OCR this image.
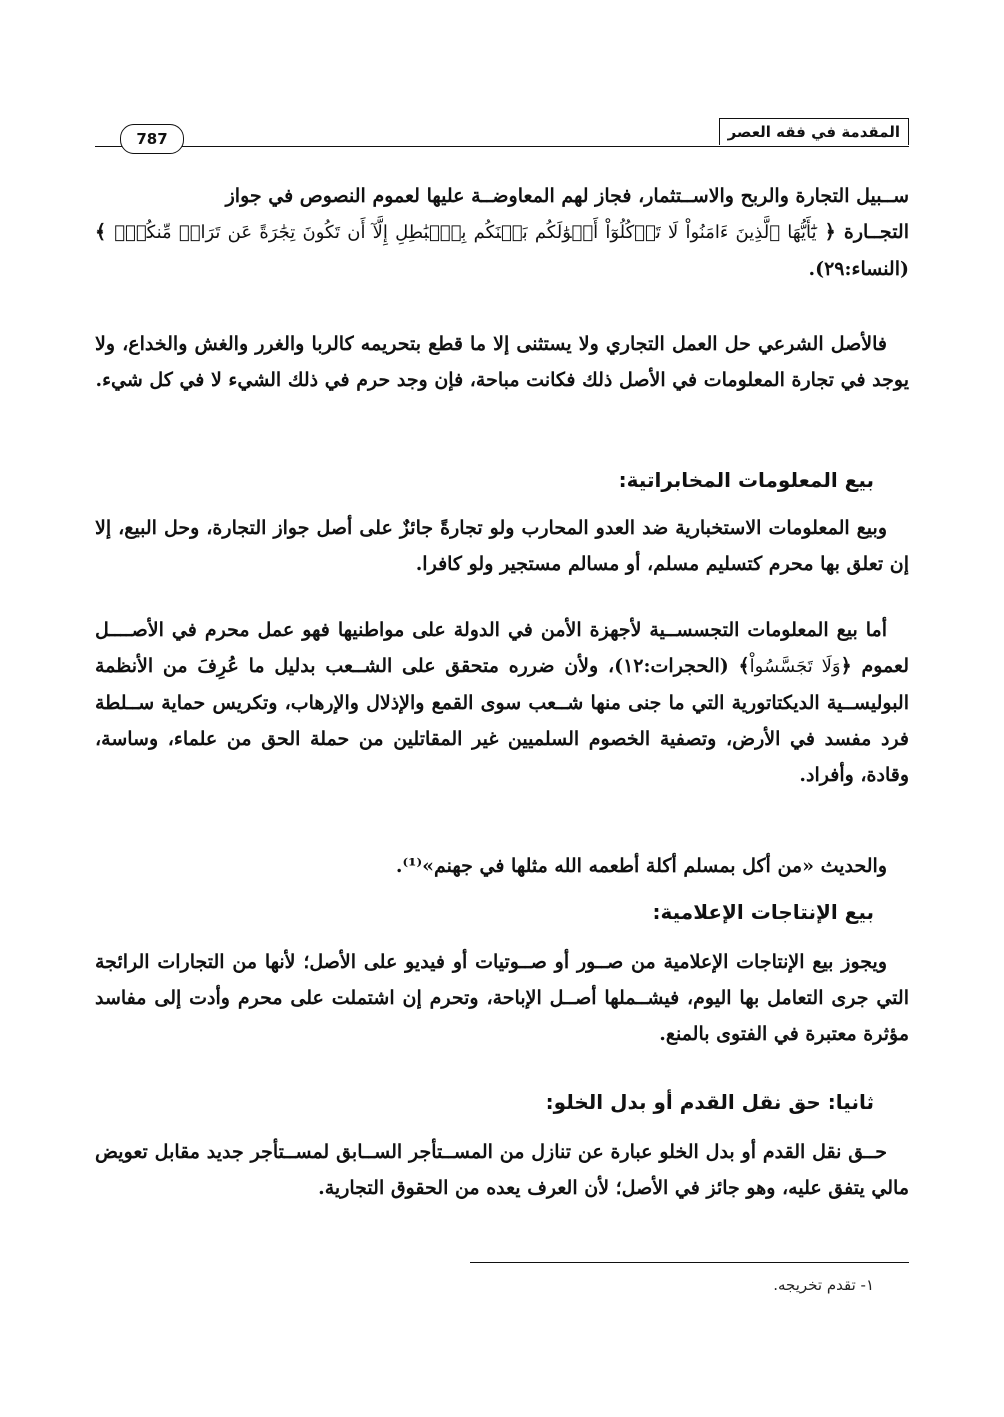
المقدمة في فقه العصر
787

ســبيل التجارة والربح والاســتثمار، فجاز لهم المعاوضــة عليها لعموم النصوص في جواز

التجــارة ﴿ يَٰٓأَيُّهَا ٱلَّذِينَ ءَامَنُواْ لَا تَأۡكُلُوٓاْ أَمۡوَٰلَكُم بَيۡنَكُم بِٱلۡبَٰطِلِ إِلَّآ أَن تَكُونَ تِجَٰرَةً عَن تَرَاضٖ مِّنكُمۡۚ ﴾ (النساء:٢٩).

فالأصل الشرعي حل العمل التجاري ولا يستثنى إلا ما قطع بتحريمه كالربا والغرر والغش والخداع، ولا يوجد في تجارة المعلومات في الأصل ذلك فكانت مباحة، فإن وجد حرم في ذلك الشيء لا في كل شيء.

بيع المعلومات المخابراتية:

وبيع المعلومات الاستخبارية ضد العدو المحارب ولو تجارةً جائزٌ على أصل جواز التجارة، وحل البيع، إلا إن تعلق بها محرم كتسليم مسلم، أو مسالم مستجير ولو كافرا.

أما بيع المعلومات التجسســية لأجهزة الأمن في الدولة على مواطنيها فهو عمل محرم في الأصــــل لعموم ﴿وَلَا تَجَسَّسُواْ﴾ (الحجرات:١٢)، ولأن ضرره متحقق على الشــعب بدليل ما عُرِفَ من الأنظمة البوليســية الديكتاتورية التي ما جنى منها شــعب سوى القمع والإذلال والإرهاب، وتكريس حماية ســلطة فرد مفسد في الأرض، وتصفية الخصوم السلميين غير المقاتلين من حملة الحق من علماء، وساسة، وقادة، وأفراد.

والحديث «من أكل بمسلم أكلة أطعمه الله مثلها في جهنم»⁽¹⁾.

بيع الإنتاجات الإعلامية:

ويجوز بيع الإنتاجات الإعلامية من صــور أو صــوتيات أو فيديو على الأصل؛ لأنها من التجارات الرائجة التي جرى التعامل بها اليوم، فيشــملها أصــل الإباحة، وتحرم إن اشتملت على محرم وأدت إلى مفاسد مؤثرة معتبرة في الفتوى بالمنع.

ثانيا: حق نقل القدم أو بدل الخلو:

حــق نقل القدم أو بدل الخلو عبارة عن تنازل من المســتأجر الســابق لمســتأجر جديد مقابل تعويض مالي يتفق عليه، وهو جائز في الأصل؛ لأن العرف يعده من الحقوق التجارية.

١- تقدم تخريجه.
